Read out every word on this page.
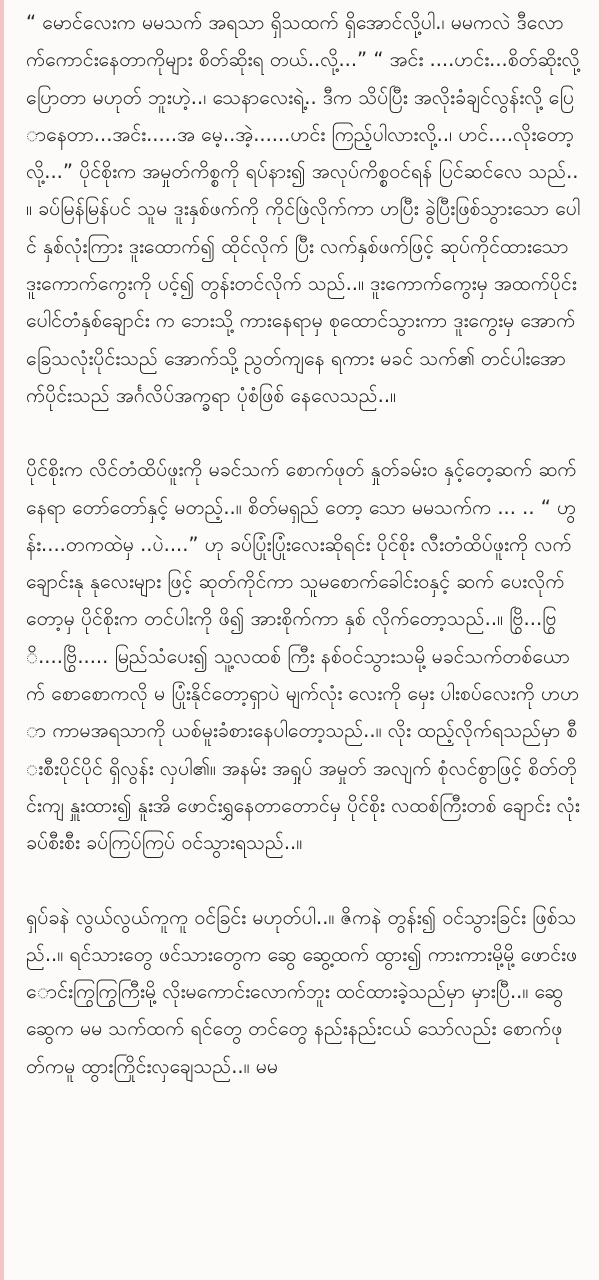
“ မောင်လေးက မမသက် အရသာ ရှိသထက် ရှိအောင်လို့ပါ.၊ မမကလဲ ဒီလောက်ကောင်းနေတာကိုများ စိတ်ဆိုးရ တယ်..လို့...” “ အင်း ....ဟင်း...စိတ်ဆိုးလို့ ပြောတာ မဟုတ် ဘူးဟဲ့..၊ သေနာလေးရဲ့.. ဒီက သိပ်ပြီး အလိုးခံချင်လွန်းလို့ ပြောနေတာ...အင်း.....အ မေ့..အဲ့......ဟင်း ကြည့်ပါလားလို့..၊ ဟင်....လိုးတော့လို့...” ပိုင်စိုးက အမှုတ်ကိစ္စကို ရပ်နား၍ အလုပ်ကိစ္စဝင်ရန် ပြင်ဆင်လေ သည်..။ ခပ်မြန်မြန်ပင် သူမ ဒူးနှစ်ဖက်ကို ကိုင်ဖြဲလိုက်ကာ ဟပြီး ခွဲပြီးဖြစ်သွားသော ပေါင် နှစ်လုံးကြား ဒူးထောက်၍ ထိုင်လိုက် ပြီး လက်နှစ်ဖက်ဖြင့် ဆုပ်ကိုင်ထားသော ဒူးကောက်ကွေးကို ပင့်၍ တွန်းတင်လိုက် သည်..။ ဒူးကောက်ကွေးမှ အထက်ပိုင်း ပေါင်တံနှစ်ချောင်း က ဘေးသို့ ကားနေရာမှ စုထောင်သွားကာ ဒူးကွေးမှ အောက် ခြေသလုံးပိုင်းသည် အောက်သို့ ညွတ်ကျနေ ရကား မခင် သက်၏ တင်ပါးအောက်ပိုင်းသည် အင်္ဂလိပ်အက္ခရာ ပုံစံဖြစ် နေလေသည်..။

ပိုင်စိုးက လိင်တံထိပ်ဖူးကို မခင်သက် စောက်ဖုတ် နှုတ်ခမ်းဝ နှင့်တေ့ဆက် ဆက်နေရာ တော်တော်နှင့် မတည့်..။ စိတ်မရှည် တော့ သော မမသက်က ... .. “ ဟွန်း....တကထဲမှ ..ပဲ....” ဟု ခပ်ပြုံးပြုံးလေးဆိုရင်း ပိုင်စိုး လီးတံထိပ်ဖူးကို လက်ချောင်းနု နုလေးများ ဖြင့် ဆုတ်ကိုင်ကာ သူမစောက်ခေါင်းဝနှင့် ဆက် ပေးလိုက်တော့မှ ပိုင်စိုးက တင်ပါးကို ဖိ၍ အားစိုက်ကာ နှစ် လိုက်တော့သည်..။ ဗြွိ...ဗြွိ....ဗြွိ..... မြည်သံပေး၍ သူ့လထစ် ကြီး နစ်ဝင်သွားသမို့ မခင်သက်တစ်ယောက် စောစောကလို မ ပြုံးနိုင်တော့ရှာပဲ မျက်လုံး လေးကို မှေး ပါးစပ်လေးကို ဟဟာ ကာမအရသာကို ယစ်မူးခံစားနေပါတော့သည်..။ လိုး ထည့်လိုက်ရသည်မှာ စီးစီးပိုင်ပိုင် ရှိလွန်း လှပါ၏။ အနမ်း အရှုပ် အမှုတ် အလျက် စုံလင်စွာဖြင့် စိတ်တိုင်းကျ နှူးထား၍ နူးအိ ဖောင်းရွှနေတာတောင်မှ ပိုင်စိုး လထစ်ကြီးတစ် ချောင်း လုံး ခပ်စီးစီး ခပ်ကြပ်ကြပ် ဝင်သွားရသည်..။

ရှပ်ခနဲ လွယ်လွယ်ကူကူ ဝင်ခြင်း မဟုတ်ပါ..။ ဇိကနဲ တွန်း၍ ဝင်သွားခြင်း ဖြစ်သည်..။ ရင်သားတွေ ဖင်သားတွေက ဆွေ ဆွေ့ထက် ထွား၍ ကားကားမို့မို့ ဖောင်းဖောင်းကြွကြွကြီးမို့ လိုးမကောင်းလောက်ဘူး ထင်ထားခဲ့သည်မှာ မှားပြီ..။ ဆွေ ဆွေက မမ သက်ထက် ရင်တွေ တင်တွေ နည်းနည်းငယ် သော်လည်း စောက်ဖုတ်ကမူ ထွားကြိုင်းလှချေသည်..။ မမ
